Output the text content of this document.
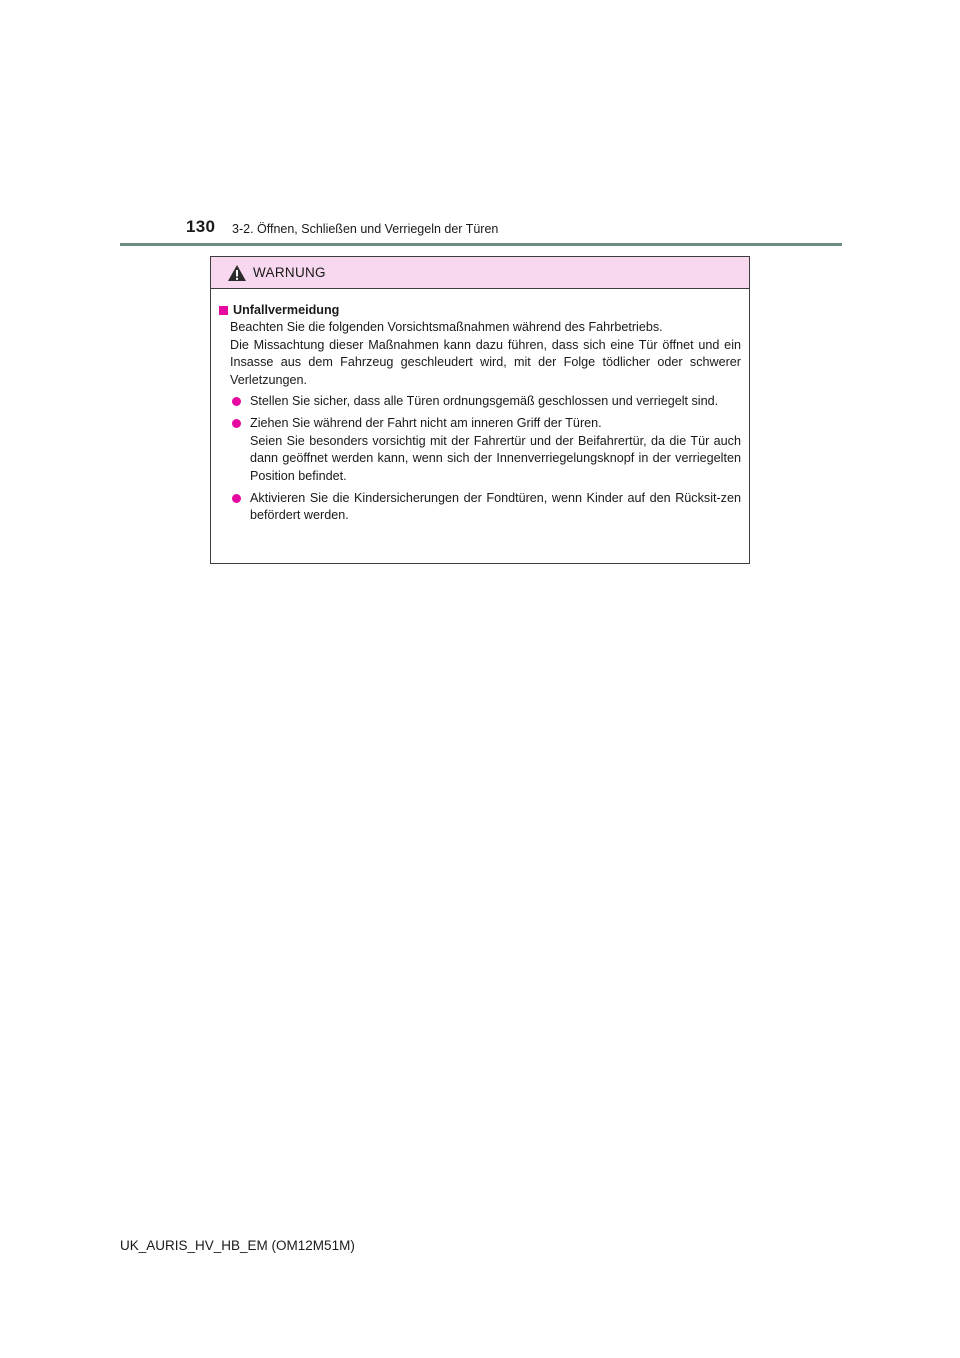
130 3-2. Öffnen, Schließen und Verriegeln der Türen
WARNUNG
Unfallvermeidung

Beachten Sie die folgenden Vorsichtsmaßnahmen während des Fahrbetriebs.

Die Missachtung dieser Maßnahmen kann dazu führen, dass sich eine Tür öffnet und ein Insasse aus dem Fahrzeug geschleudert wird, mit der Folge tödlicher oder schwerer Verletzungen.

Stellen Sie sicher, dass alle Türen ordnungsgemäß geschlossen und verriegelt sind.

Ziehen Sie während der Fahrt nicht am inneren Griff der Türen.

Seien Sie besonders vorsichtig mit der Fahrertür und der Beifahrertür, da die Tür auch dann geöffnet werden kann, wenn sich der Innenverriegelungsknopf in der verriegelten Position befindet.

Aktivieren Sie die Kindersicherungen der Fondtüren, wenn Kinder auf den Rücksit-zen befördert werden.

UK_AURIS_HV_HB_EM (OM12M51M)
